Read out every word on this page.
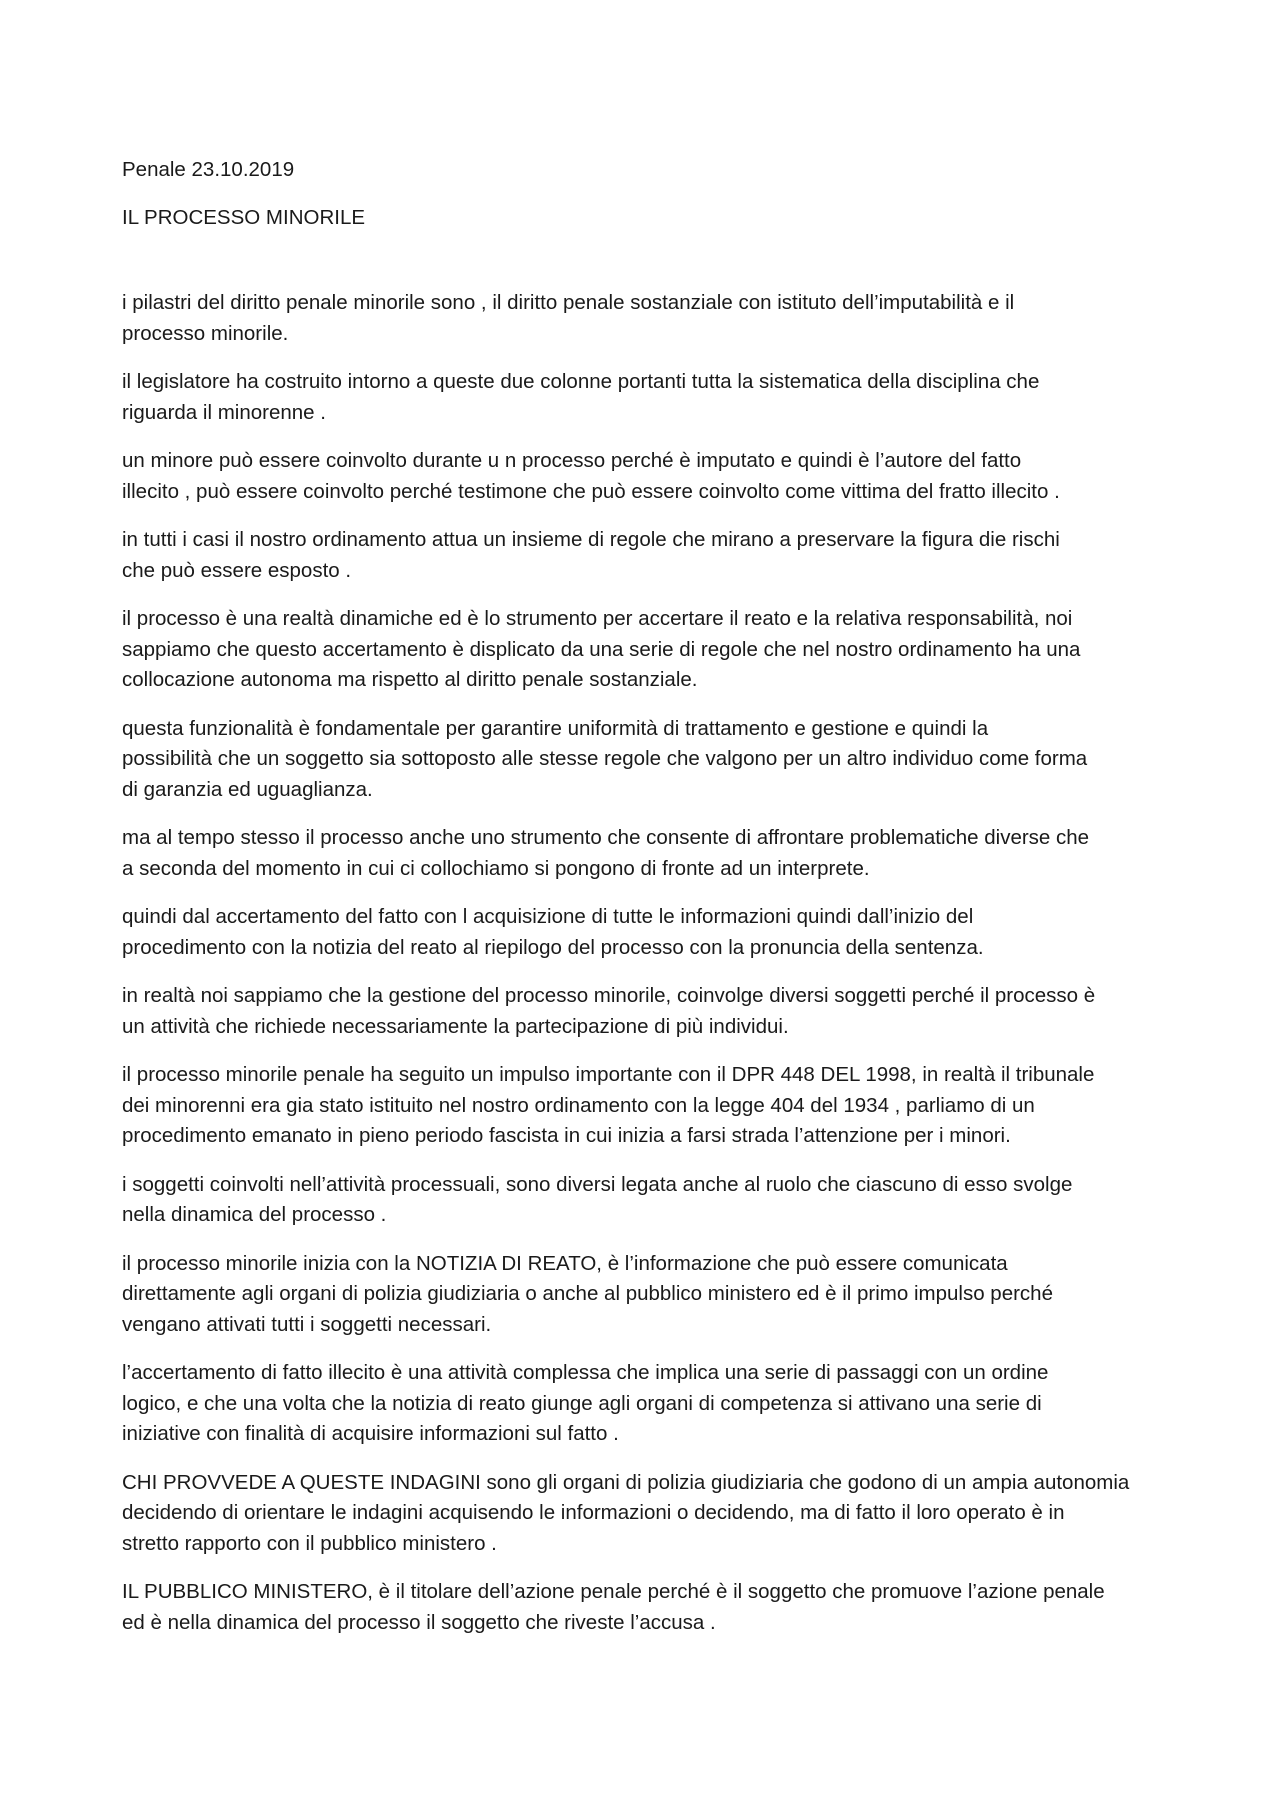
Penale 23.10.2019

IL PROCESSO MINORILE

i pilastri del diritto penale minorile sono , il diritto penale sostanziale con istituto dell’imputabilità e il
processo minorile.

il legislatore ha costruito intorno a queste due colonne portanti tutta la sistematica della disciplina che
riguarda il minorenne .

un minore può essere coinvolto durante u n processo perché è imputato e quindi è l’autore del fatto
illecito , può essere coinvolto perché testimone che può essere coinvolto come vittima del fratto illecito .

in tutti i casi il nostro ordinamento attua un insieme di regole che mirano a preservare la figura die rischi
che può essere esposto .

il processo è una realtà dinamiche ed è lo strumento per accertare il reato e la relativa responsabilità, noi
sappiamo che questo accertamento è displicato da una serie di regole che nel nostro ordinamento ha una
collocazione autonoma ma rispetto al diritto penale sostanziale.

questa funzionalità è fondamentale per garantire uniformità di trattamento e gestione e quindi la
possibilità che un soggetto sia sottoposto alle stesse regole che valgono per un altro individuo come forma
di garanzia ed uguaglianza.

ma al tempo stesso il processo anche uno strumento che consente di affrontare problematiche diverse che
a seconda del momento in cui ci collochiamo si pongono di fronte ad un interprete.

quindi dal accertamento del fatto con l acquisizione di tutte le informazioni quindi dall’inizio del
procedimento con la notizia del reato al riepilogo del processo con la pronuncia della sentenza.

in realtà noi sappiamo che la gestione del processo minorile, coinvolge diversi soggetti perché il processo è
un attività che richiede necessariamente la partecipazione di più individui.

il processo minorile penale ha seguito un impulso importante con il DPR 448 DEL 1998, in realtà il tribunale
dei minorenni era gia stato istituito nel nostro ordinamento con la legge 404 del 1934 , parliamo di un
procedimento emanato in pieno periodo fascista in cui inizia a farsi strada l’attenzione per i minori.

i soggetti coinvolti nell’attività processuali, sono diversi legata anche al ruolo che ciascuno di esso svolge
nella dinamica del processo .

il processo minorile inizia con la NOTIZIA DI REATO, è l’informazione che può essere comunicata
direttamente agli organi di polizia giudiziaria o anche al pubblico ministero ed è il primo impulso perché
vengano attivati tutti i soggetti necessari.

l’accertamento di fatto illecito è una attività complessa che implica una serie di passaggi con un ordine
logico, e che una volta che la notizia di reato giunge agli organi di competenza si attivano una serie di
iniziative con finalità di acquisire informazioni sul fatto .

CHI PROVVEDE A QUESTE INDAGINI sono gli organi di polizia giudiziaria che godono di un ampia autonomia
decidendo di orientare le indagini acquisendo le informazioni o decidendo, ma di fatto il loro operato è in
stretto rapporto con il pubblico ministero .

IL PUBBLICO MINISTERO, è il titolare dell’azione penale perché è il soggetto che promuove l’azione penale
ed è nella dinamica del processo il soggetto che riveste l’accusa .
